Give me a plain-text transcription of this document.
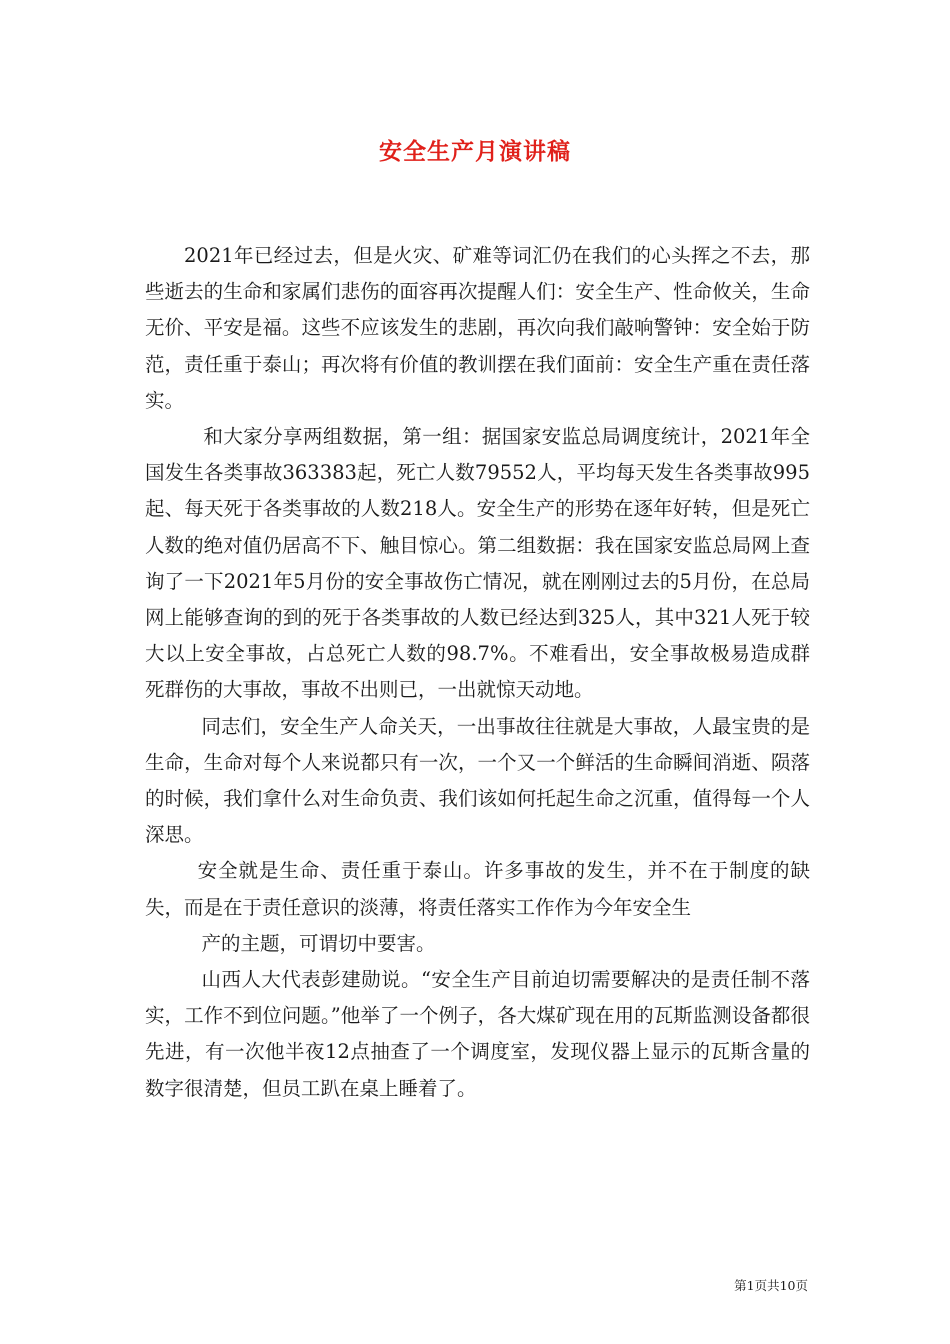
安全生产月演讲稿

2021年已经过去，但是火灾、矿难等词汇仍在我们的心头挥之不去，那些逝去的生命和家属们悲伤的面容再次提醒人们：安全生产、性命攸关，生命无价、平安是福。这些不应该发生的悲剧，再次向我们敲响警钟：安全始于防范，责任重于泰山；再次将有价值的教训摆在我们面前：安全生产重在责任落实。

和大家分享两组数据，第一组：据国家安监总局调度统计，2021年全国发生各类事故363383起，死亡人数79552人，平均每天发生各类事故995起、每天死于各类事故的人数218人。安全生产的形势在逐年好转，但是死亡人数的绝对值仍居高不下、触目惊心。第二组数据：我在国家安监总局网上查询了一下2021年5月份的安全事故伤亡情况，就在刚刚过去的5月份，在总局网上能够查询的到的死于各类事故的人数已经达到325人，其中321人死于较大以上安全事故，占总死亡人数的98.7%。不难看出，安全事故极易造成群死群伤的大事故，事故不出则已，一出就惊天动地。

同志们，安全生产人命关天，一出事故往往就是大事故，人最宝贵的是生命，生命对每个人来说都只有一次，一个又一个鲜活的生命瞬间消逝、陨落的时候，我们拿什么对生命负责、我们该如何托起生命之沉重，值得每一个人深思。

安全就是生命、责任重于泰山。许多事故的发生，并不在于制度的缺失，而是在于责任意识的淡薄，将责任落实工作作为今年安全生

产的主题，可谓切中要害。

山西人大代表彭建勋说。“安全生产目前迫切需要解决的是责任制不落实，工作不到位问题。”他举了一个例子，各大煤矿现在用的瓦斯监测设备都很先进，有一次他半夜12点抽查了一个调度室，发现仪器上显示的瓦斯含量的数字很清楚，但员工趴在桌上睡着了。

第1页共10页
